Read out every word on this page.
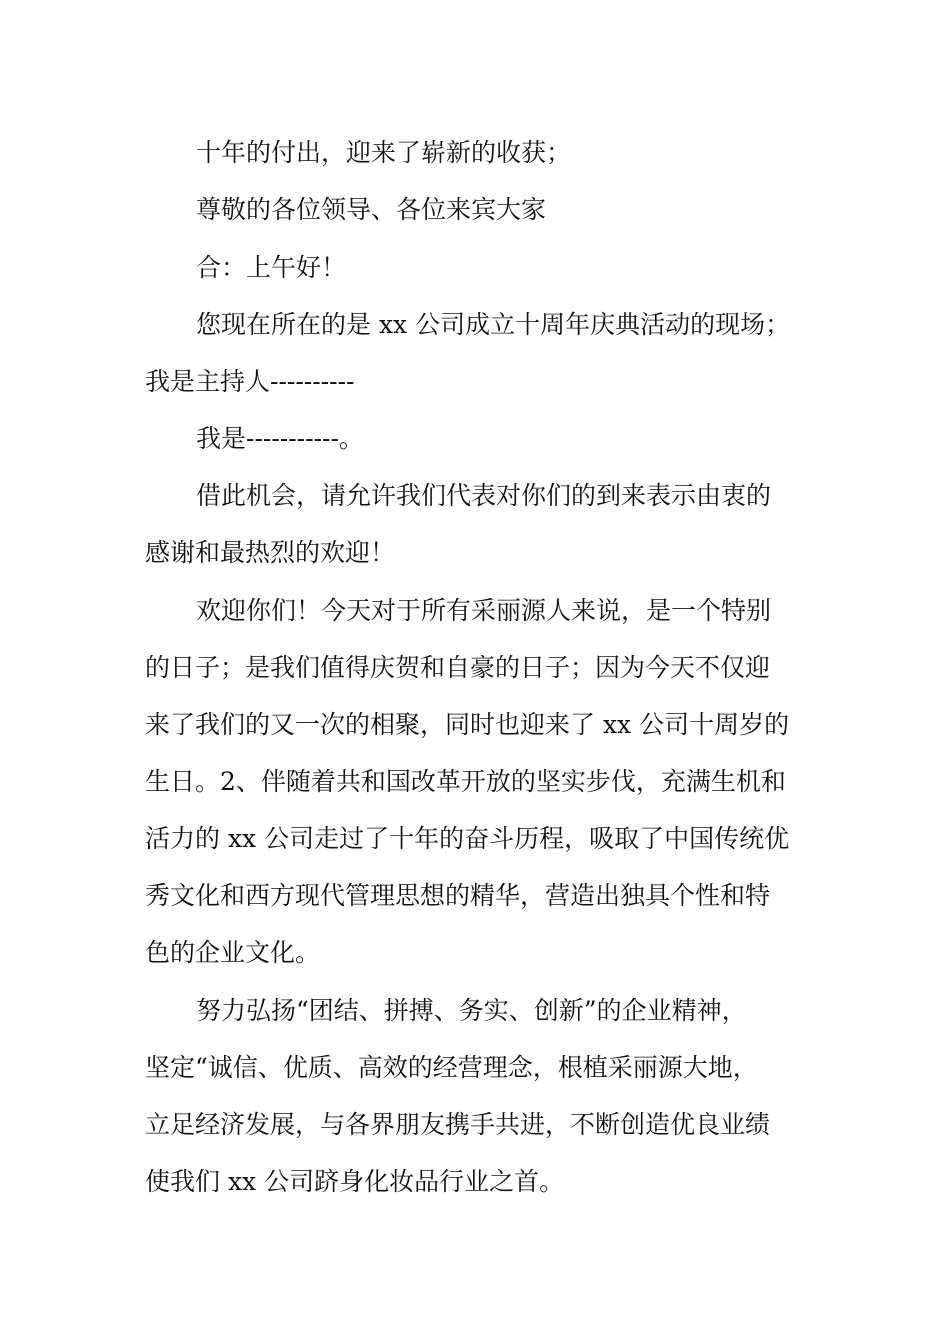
十年的付出，迎来了崭新的收获；
尊敬的各位领导、各位来宾大家
合：上午好！
您现在所在的是 xx 公司成立十周年庆典活动的现场；
我是主持人----------
我是-----------。
借此机会，请允许我们代表对你们的到来表示由衷的
感谢和最热烈的欢迎！
欢迎你们！今天对于所有采丽源人来说，是一个特别
的日子；是我们值得庆贺和自豪的日子；因为今天不仅迎
来了我们的又一次的相聚，同时也迎来了 xx 公司十周岁的
生日。2、伴随着共和国改革开放的坚实步伐，充满生机和
活力的 xx 公司走过了十年的奋斗历程，吸取了中国传统优
秀文化和西方现代管理思想的精华，营造出独具个性和特
色的企业文化。
努力弘扬“团结、拼搏、务实、创新”的企业精神，
坚定“诚信、优质、高效的经营理念，根植采丽源大地，
立足经济发展，与各界朋友携手共进，不断创造优良业绩
使我们 xx 公司跻身化妆品行业之首。
